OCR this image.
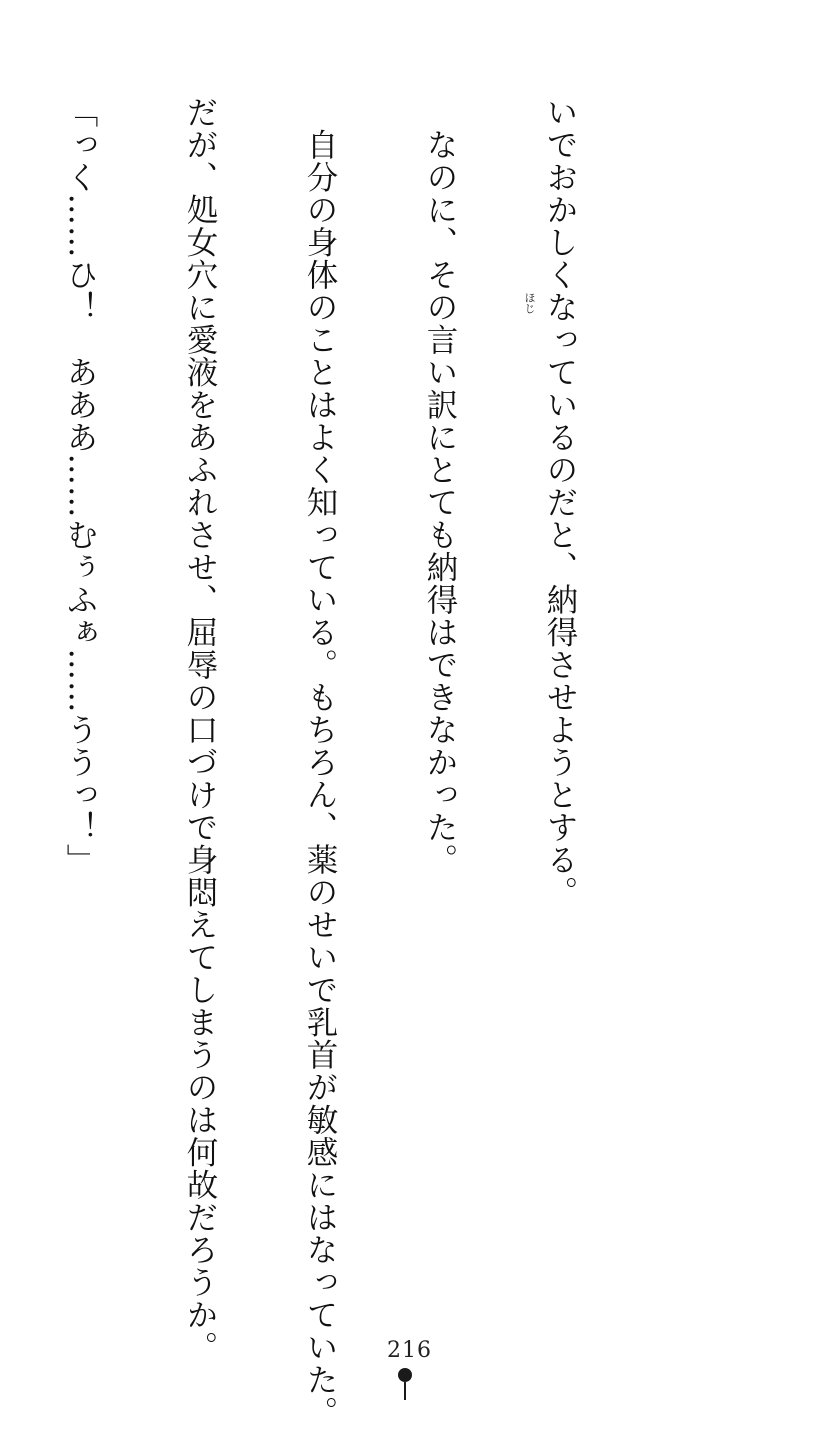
いでおかしくなっているのだと、納得させようとする。

　なのに、その言い訳にとても納得はできなかった。

　自分の身体のことはよく知っている。もちろん、薬のせいで乳首が敏感にはなっていた。

だが、処女穴に愛液をあふれさせ、屈辱の口づけで身悶えてしまうのは何故だろうか。

「っく……ひ！　あああ……むぅふぁ……ううっ！」

	ほじ
216
